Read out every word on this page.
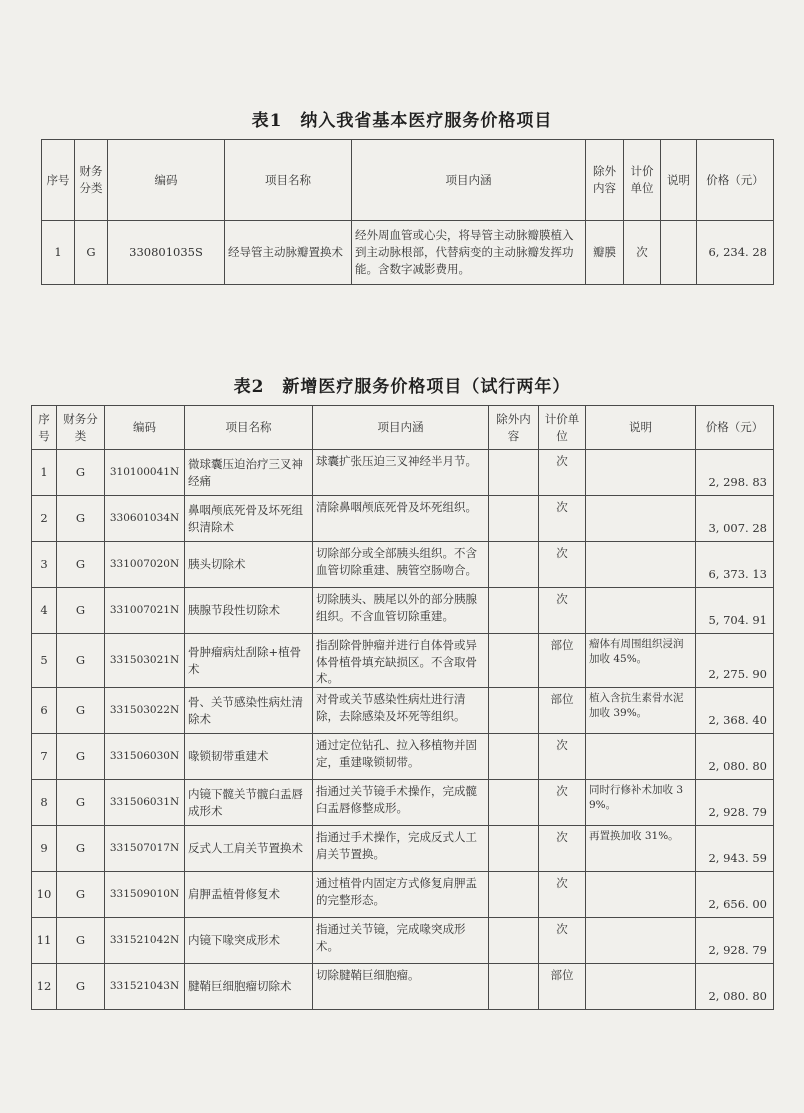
表1　纳入我省基本医疗服务价格项目
序号	财务分类	编码	项目名称	项目内涵	除外内容	计价单位	说明	价格（元）
1	G	330801035S	经导管主动脉瓣置换术	经外周血管或心尖，将导管主动脉瓣膜植入到主动脉根部，代替病变的主动脉瓣发挥功能。含数字减影费用。	瓣膜	次		6, 234. 28
表2　新增医疗服务价格项目（试行两年）
序号	财务分类	编码	项目名称	项目内涵	除外内容	计价单位	说明	价格（元）
1	G	310100041N	微球囊压迫治疗三叉神经痛	球囊扩张压迫三叉神经半月节。		次		2, 298. 83
2	G	330601034N	鼻咽颅底死骨及坏死组织清除术	清除鼻咽颅底死骨及坏死组织。		次		3, 007. 28
3	G	331007020N	胰头切除术	切除部分或全部胰头组织。不含血管切除重建、胰管空肠吻合。		次		6, 373. 13
4	G	331007021N	胰腺节段性切除术	切除胰头、胰尾以外的部分胰腺组织。不含血管切除重建。		次		5, 704. 91
5	G	331503021N	骨肿瘤病灶刮除+植骨术	指刮除骨肿瘤并进行自体骨或异体骨植骨填充缺损区。不含取骨术。		部位	瘤体有周围组织浸润加收 45%。	2, 275. 90
6	G	331503022N	骨、关节感染性病灶清除术	对骨或关节感染性病灶进行清除，去除感染及坏死等组织。		部位	植入含抗生素骨水泥加收 39%。	2, 368. 40
7	G	331506030N	喙锁韧带重建术	通过定位钻孔、拉入移植物并固定，重建喙锁韧带。		次		2, 080. 80
8	G	331506031N	内镜下髋关节髋臼盂唇成形术	指通过关节镜手术操作，完成髋臼盂唇修整成形。		次	同时行修补术加收 39%。	2, 928. 79
9	G	331507017N	反式人工肩关节置换术	指通过手术操作，完成反式人工肩关节置换。		次	再置换加收 31%。	2, 943. 59
10	G	331509010N	肩胛盂植骨修复术	通过植骨内固定方式修复肩胛盂的完整形态。		次		2, 656. 00
11	G	331521042N	内镜下喙突成形术	指通过关节镜，完成喙突成形术。		次		2, 928. 79
12	G	331521043N	腱鞘巨细胞瘤切除术	切除腱鞘巨细胞瘤。		部位		2, 080. 80
